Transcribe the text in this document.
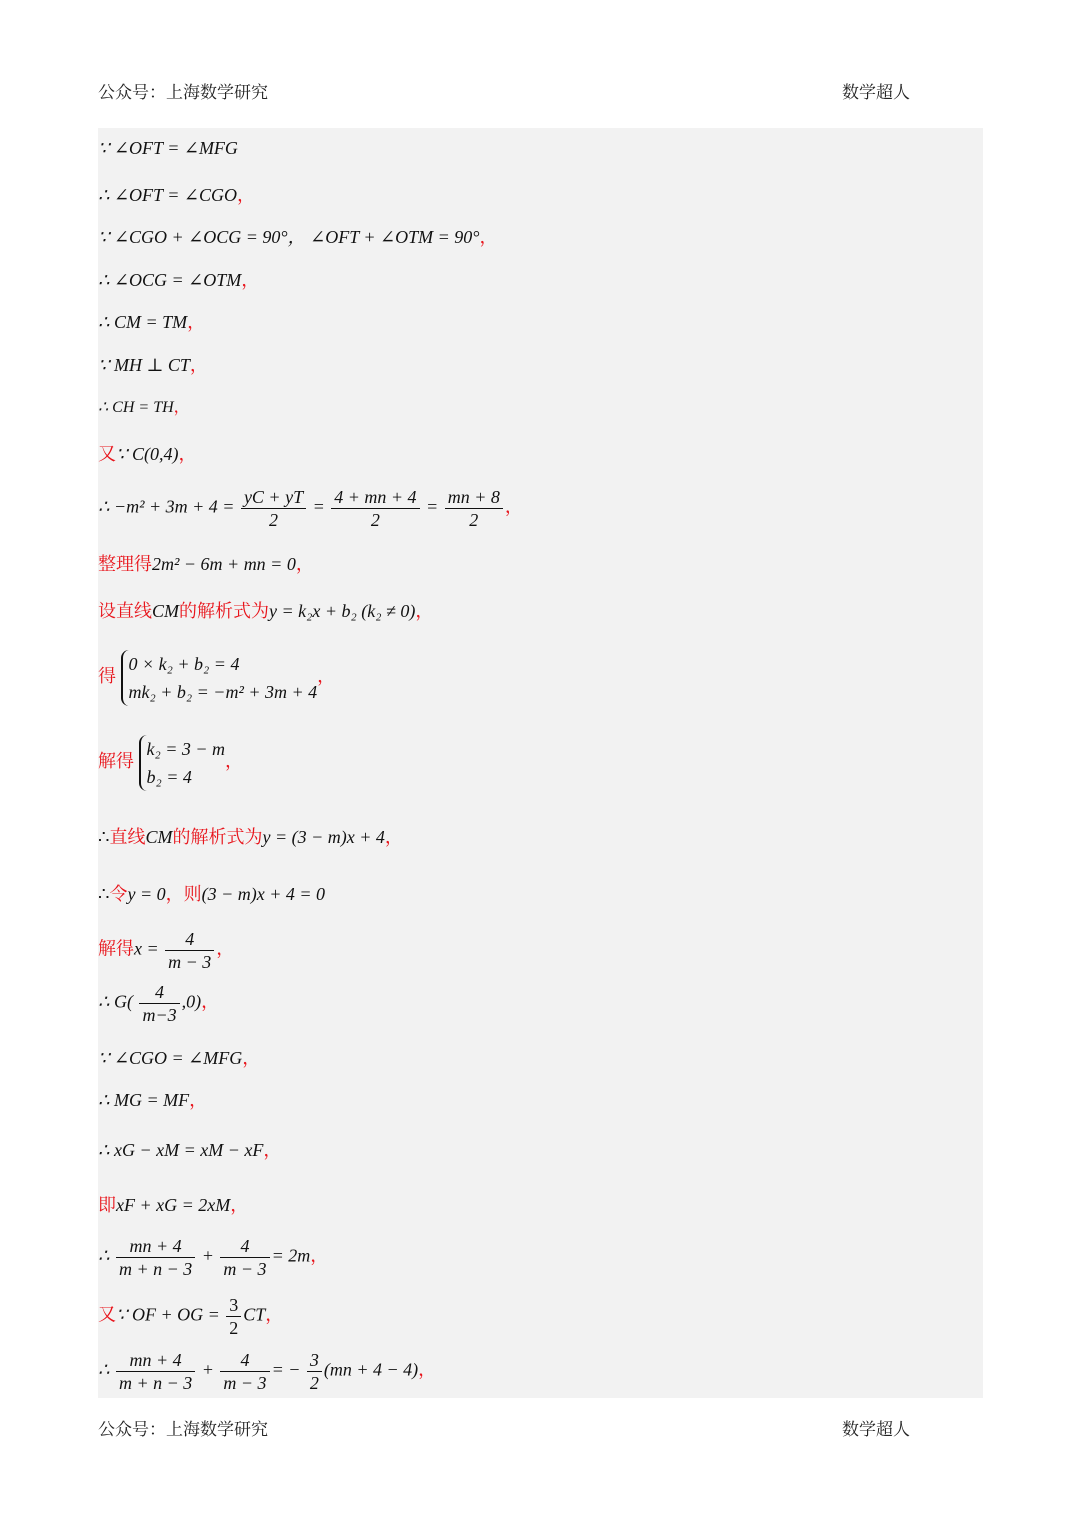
公众号：上海数学研究	数学超人
∵ ∠OFT = ∠MFG
∴ ∠OFT = ∠CGO，
∵ ∠CGO + ∠OCG = 90°， ∠OFT + ∠OTM = 90°，
∴ ∠OCG = ∠OTM，
∴ CM = TM，
∵ MH ⊥ CT，
∴ CH = TH，
又∵ C(0,4)，
∴ $-m^2 + 3m + 4 = \frac{yC + yT}{2} = \frac{4 + mn + 4}{2} = \frac{mn + 8}{2}$ ，
整理得2m² − 6m + mn = 0，
设直线CM的解析式为y = k₂x + b₂ (k₂ ≠ 0)，
得
0 × k₂ + b₂ = 4
mk₂ + b₂ = −m² + 3m + 4
，
解得
k₂ = 3 − m
b₂ = 4
，
∴直线CM的解析式为y = (3 − m)x + 4，
∴令y = 0，则(3 − m)x + 4 = 0
解得$x = \frac{4}{m - 3}$ ，
∴ $G( \frac{4}{m-3} ,0)$，
∵ ∠CGO = ∠MFG，
∴ MG = MF，
∴ xG − xM = xM − xF，
即xF + xG = 2xM，
∴ $\frac{mn + 4}{m + n - 3} + \frac{4}{m - 3} = 2m$，
又∵ OF + OG = $\frac{3}{2}$ CT，
∴ $\frac{mn + 4}{m + n - 3} + \frac{4}{m - 3}$ = − $\frac{3}{2} (mn + 4 - 4)$，
公众号：上海数学研究	数学超人
